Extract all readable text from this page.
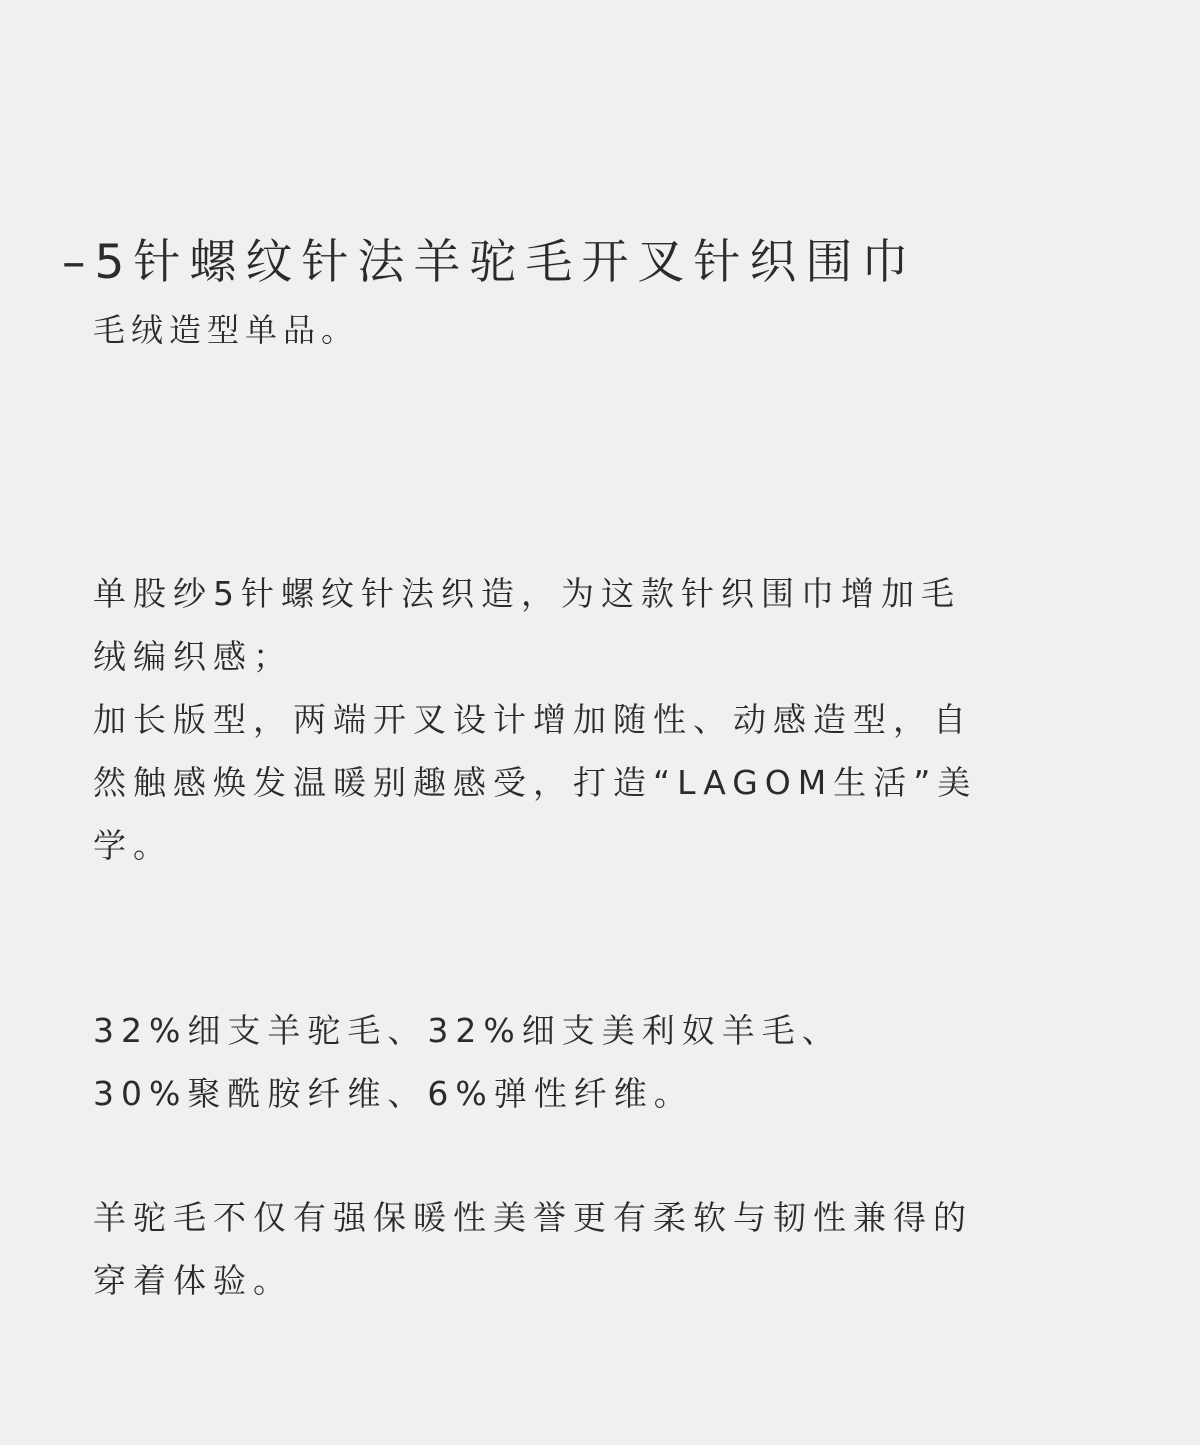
–5针螺纹针法羊驼毛开叉针织围巾

毛绒造型单品。

单股纱5针螺纹针法织造，为这款针织围巾增加毛
绒编织感；
加长版型，两端开叉设计增加随性、动感造型，自
然触感焕发温暖别趣感受，打造“LAGOM生活”美
学。
32%细支羊驼毛、32%细支美利奴羊毛、
30%聚酰胺纤维、6%弹性纤维。
羊驼毛不仅有强保暖性美誉更有柔软与韧性兼得的
穿着体验。
